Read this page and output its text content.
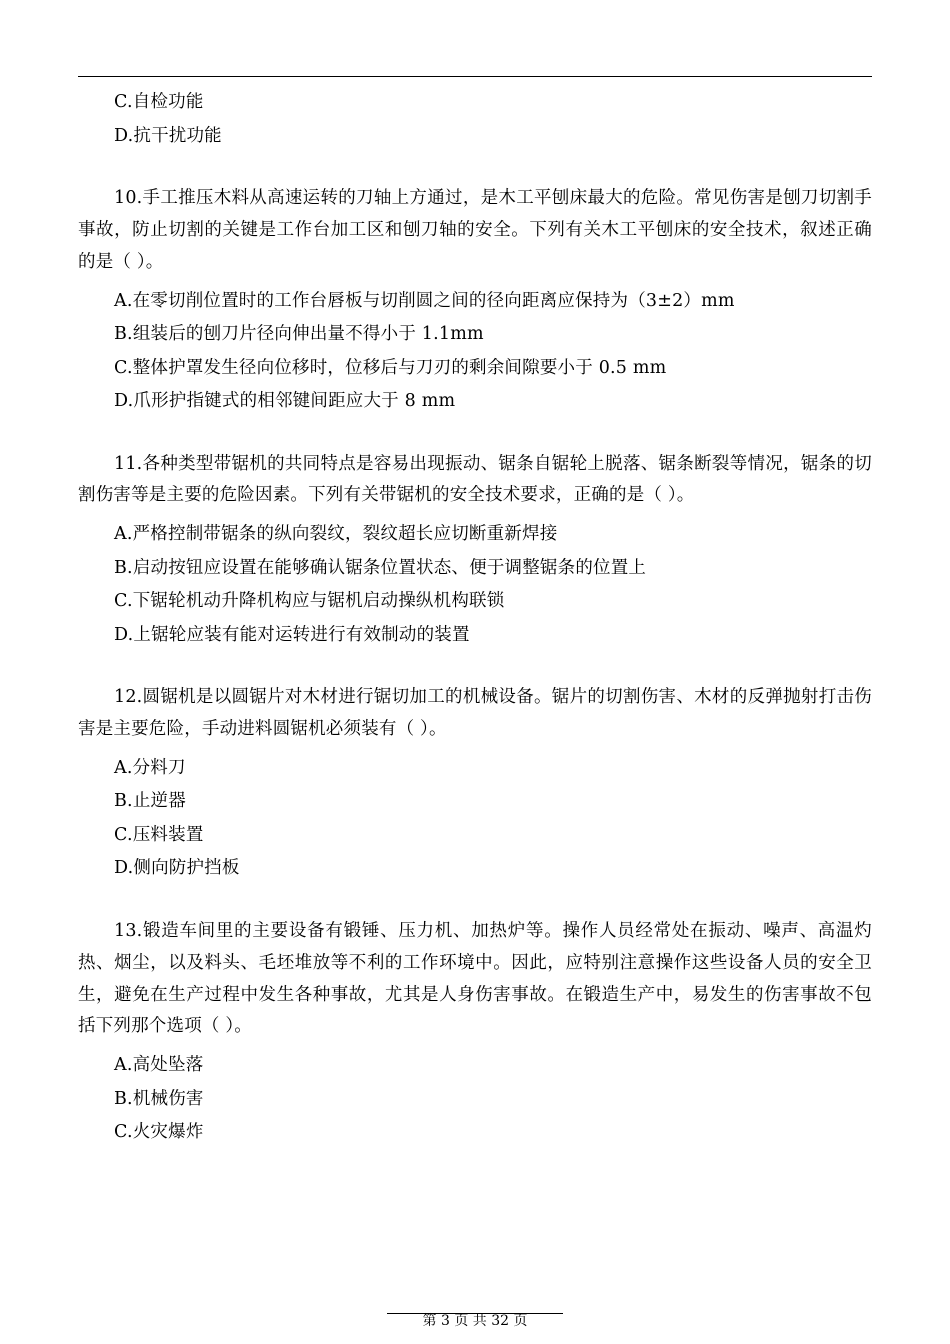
C.自检功能
D.抗干扰功能
10.手工推压木料从高速运转的刀轴上方通过，是木工平刨床最大的危险。常见伤害是刨刀切割手事故，防止切割的关键是工作台加工区和刨刀轴的安全。下列有关木工平刨床的安全技术，叙述正确的是（ ）。
A.在零切削位置时的工作台唇板与切削圆之间的径向距离应保持为（3±2）mm
B.组装后的刨刀片径向伸出量不得小于 1.1mm
C.整体护罩发生径向位移时，位移后与刀刃的剩余间隙要小于 0.5 mm
D.爪形护指键式的相邻键间距应大于 8 mm
11.各种类型带锯机的共同特点是容易出现振动、锯条自锯轮上脱落、锯条断裂等情况，锯条的切割伤害等是主要的危险因素。下列有关带锯机的安全技术要求，正确的是（ ）。
A.严格控制带锯条的纵向裂纹，裂纹超长应切断重新焊接
B.启动按钮应设置在能够确认锯条位置状态、便于调整锯条的位置上
C.下锯轮机动升降机构应与锯机启动操纵机构联锁
D.上锯轮应装有能对运转进行有效制动的装置
12.圆锯机是以圆锯片对木材进行锯切加工的机械设备。锯片的切割伤害、木材的反弹抛射打击伤害是主要危险，手动进料圆锯机必须装有（ ）。
A.分料刀
B.止逆器
C.压料装置
D.侧向防护挡板
13.锻造车间里的主要设备有锻锤、压力机、加热炉等。操作人员经常处在振动、噪声、高温灼热、烟尘，以及料头、毛坯堆放等不利的工作环境中。因此，应特别注意操作这些设备人员的安全卫生，避免在生产过程中发生各种事故，尤其是人身伤害事故。在锻造生产中，易发生的伤害事故不包括下列那个选项（ ）。
A.高处坠落
B.机械伤害
C.火灾爆炸
第 3 页 共 32 页
